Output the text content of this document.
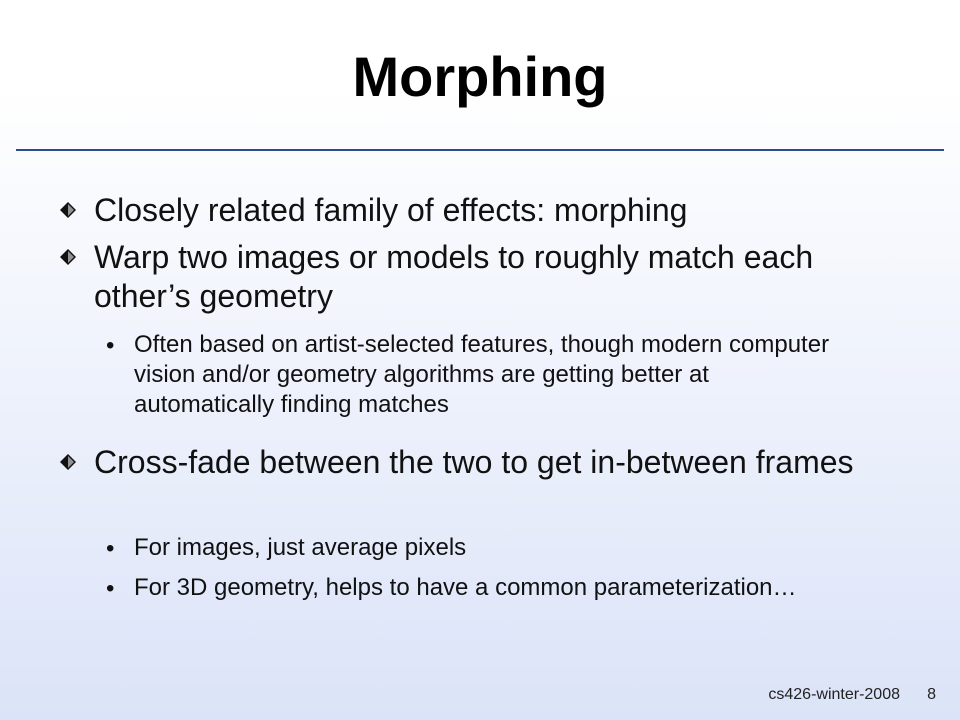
Morphing
Closely related family of effects: morphing
Warp two images or models to roughly match each other’s geometry
• Often based on artist-selected features, though modern computer vision and/or geometry algorithms are getting better at automatically finding matches
Cross-fade between the two to get in-between frames
• For images, just average pixels
• For 3D geometry, helps to have a common parameterization…
cs426-winter-2008 8
